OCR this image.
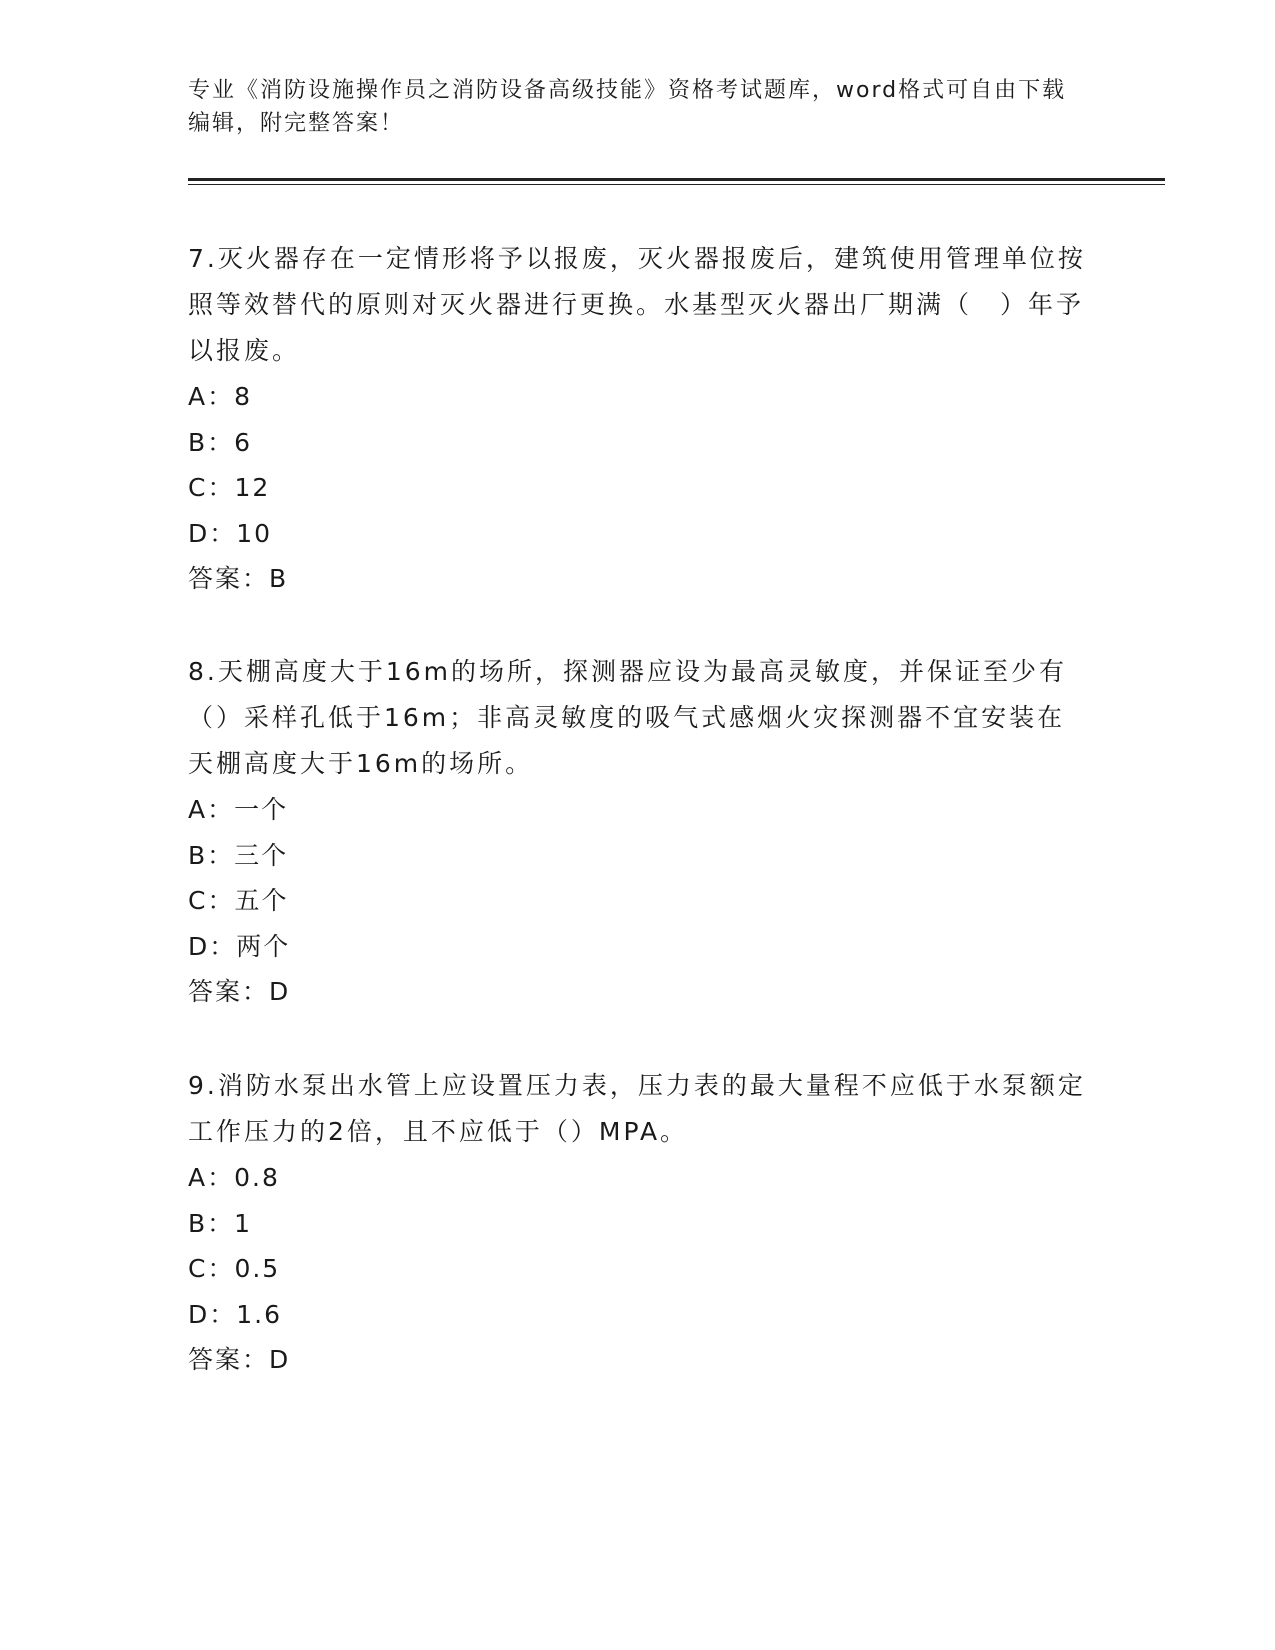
专业《消防设施操作员之消防设备高级技能》资格考试题库，word格式可自由下载编辑，附完整答案！

7.灭火器存在一定情形将予以报废，灭火器报废后，建筑使用管理单位按照等效替代的原则对灭火器进行更换。水基型灭火器出厂期满（　）年予以报废。

A：8

B：6

C：12

D：10

答案：B

8.天棚高度大于16m的场所，探测器应设为最高灵敏度，并保证至少有（）采样孔低于16m；非高灵敏度的吸气式感烟火灾探测器不宜安装在天棚高度大于16m的场所。

A：一个

B：三个

C：五个

D：两个

答案：D

9.消防水泵出水管上应设置压力表，压力表的最大量程不应低于水泵额定工作压力的2倍，且不应低于（）MPA。

A：0.8

B：1

C：0.5

D：1.6

答案：D
